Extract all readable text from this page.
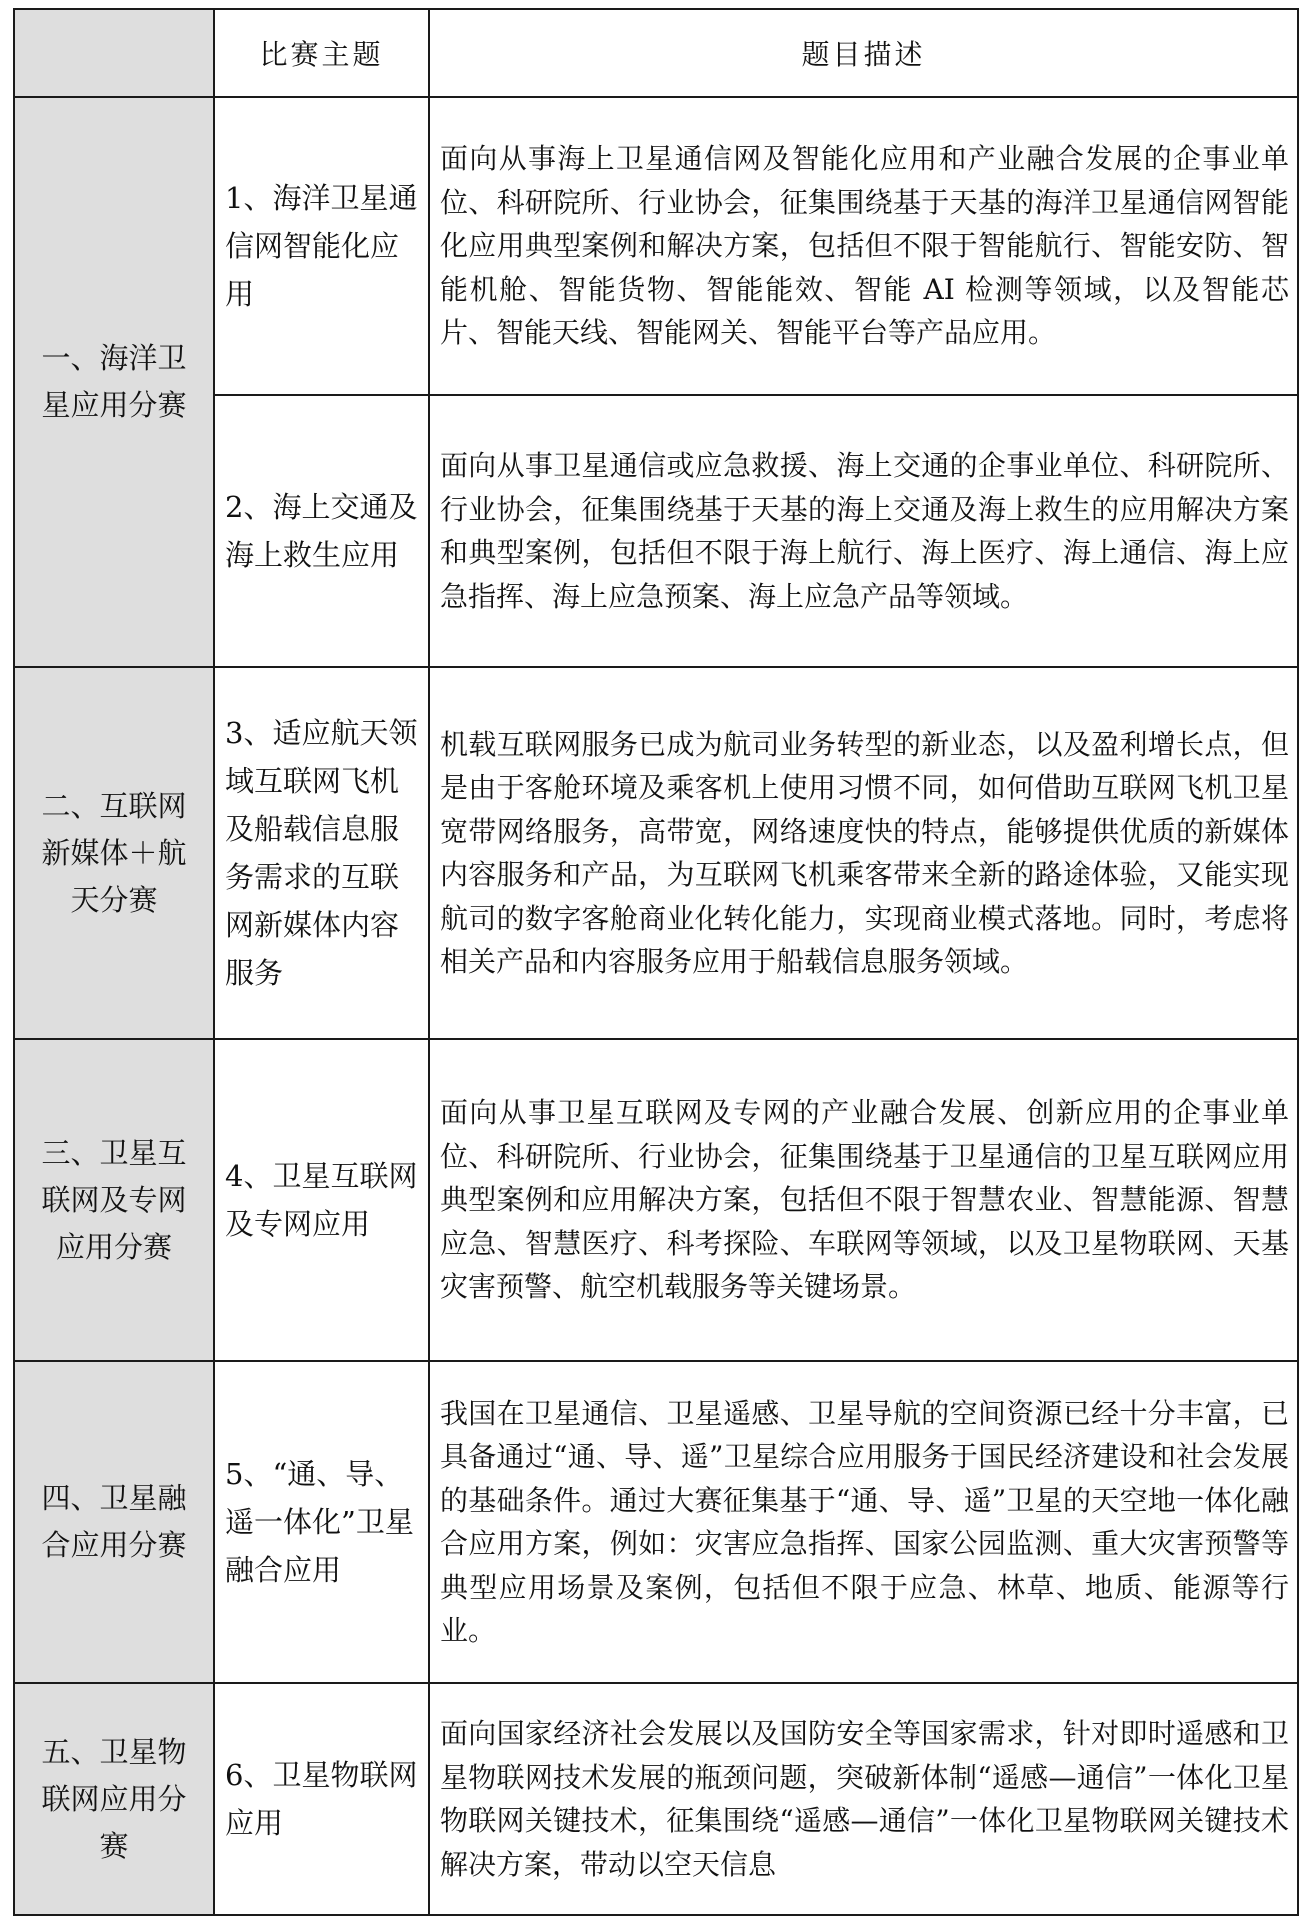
	比赛主题	题目描述
一、海洋卫星应用分赛	1、海洋卫星通信网智能化应用	面向从事海上卫星通信网及智能化应用和产业融合发展的企事业单位、科研院所、行业协会，征集围绕基于天基的海洋卫星通信网智能化应用典型案例和解决方案，包括但不限于智能航行、智能安防、智能机舱、智能货物、智能能效、智能 AI 检测等领域，以及智能芯片、智能天线、智能网关、智能平台等产品应用。
	2、海上交通及海上救生应用	面向从事卫星通信或应急救援、海上交通的企事业单位、科研院所、行业协会，征集围绕基于天基的海上交通及海上救生的应用解决方案和典型案例，包括但不限于海上航行、海上医疗、海上通信、海上应急指挥、海上应急预案、海上应急产品等领域。
二、互联网新媒体＋航天分赛	3、适应航天领域互联网飞机及船载信息服务需求的互联网新媒体内容服务	机载互联网服务已成为航司业务转型的新业态，以及盈利增长点，但是由于客舱环境及乘客机上使用习惯不同，如何借助互联网飞机卫星宽带网络服务，高带宽，网络速度快的特点，能够提供优质的新媒体内容服务和产品，为互联网飞机乘客带来全新的路途体验，又能实现航司的数字客舱商业化转化能力，实现商业模式落地。同时，考虑将相关产品和内容服务应用于船载信息服务领域。
三、卫星互联网及专网应用分赛	4、卫星互联网及专网应用	面向从事卫星互联网及专网的产业融合发展、创新应用的企事业单位、科研院所、行业协会，征集围绕基于卫星通信的卫星互联网应用典型案例和应用解决方案，包括但不限于智慧农业、智慧能源、智慧应急、智慧医疗、科考探险、车联网等领域，以及卫星物联网、天基灾害预警、航空机载服务等关键场景。
四、卫星融合应用分赛	5、“通、导、遥一体化”卫星融合应用	我国在卫星通信、卫星遥感、卫星导航的空间资源已经十分丰富，已具备通过“通、导、遥”卫星综合应用服务于国民经济建设和社会发展的基础条件。通过大赛征集基于“通、导、遥”卫星的天空地一体化融合应用方案，例如：灾害应急指挥、国家公园监测、重大灾害预警等典型应用场景及案例，包括但不限于应急、林草、地质、能源等行业。
五、卫星物联网应用分赛	6、卫星物联网应用	面向国家经济社会发展以及国防安全等国家需求，针对即时遥感和卫星物联网技术发展的瓶颈问题，突破新体制“遥感—通信”一体化卫星物联网关键技术，征集围绕“遥感—通信”一体化卫星物联网关键技术解决方案，带动以空天信息
